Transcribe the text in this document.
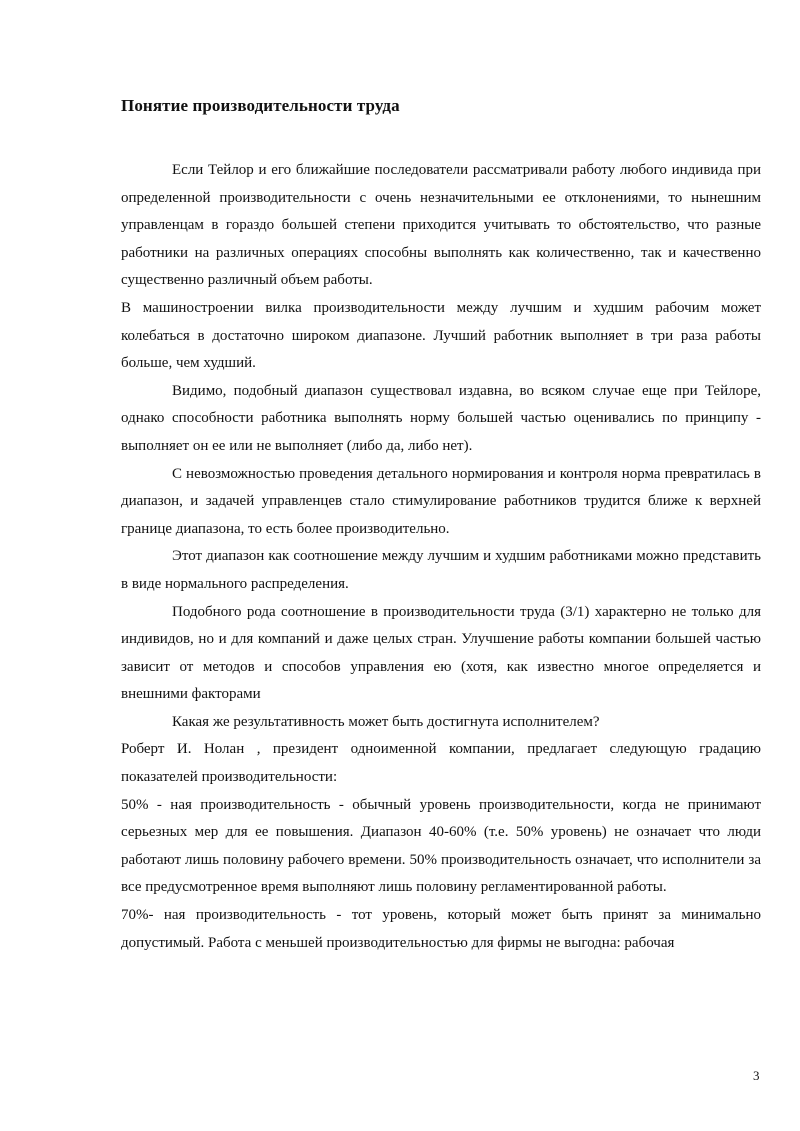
Понятие производительности труда

Если Тейлор и его ближайшие последователи рассматривали работу любого индивида при определенной производительности с очень незначительными ее отклонениями, то нынешним управленцам в гораздо большей степени приходится учитывать то обстоятельство, что разные работники на различных операциях способны выполнять как количественно, так и качественно существенно различный объем работы.

В машиностроении вилка производительности между лучшим и худшим рабочим может колебаться в достаточно широком диапазоне. Лучший работник выполняет в три раза работы больше, чем худший.

Видимо, подобный диапазон существовал издавна, во всяком случае еще при Тейлоре, однако способности работника выполнять норму большей частью оценивались по принципу - выполняет он ее или не выполняет (либо да, либо нет).

С невозможностью проведения детального нормирования и контроля норма превратилась в диапазон, и задачей управленцев стало стимулирование работников трудится ближе к верхней границе диапазона, то есть более производительно.

Этот диапазон как соотношение между лучшим и худшим работниками можно представить в виде нормального распределения.

Подобного рода соотношение в производительности труда (3/1) характерно не только для индивидов, но и для компаний и даже целых стран. Улучшение работы компании большей частью зависит от методов и способов управления ею (хотя, как известно многое определяется и внешними факторами

Какая же результативность может быть достигнута исполнителем?

Роберт И. Нолан , президент одноименной компании, предлагает следующую градацию показателей производительности:

50% - ная производительность - обычный уровень производительности, когда не принимают серьезных мер для ее повышения. Диапазон 40-60% (т.е. 50% уровень) не означает что люди работают лишь половину рабочего времени. 50% производительность означает, что исполнители за все предусмотренное время выполняют лишь половину регламентированной работы.

70%- ная производительность - тот уровень, который может быть принят за минимально допустимый. Работа с меньшей производительностью для фирмы не выгодна: рабочая

3
